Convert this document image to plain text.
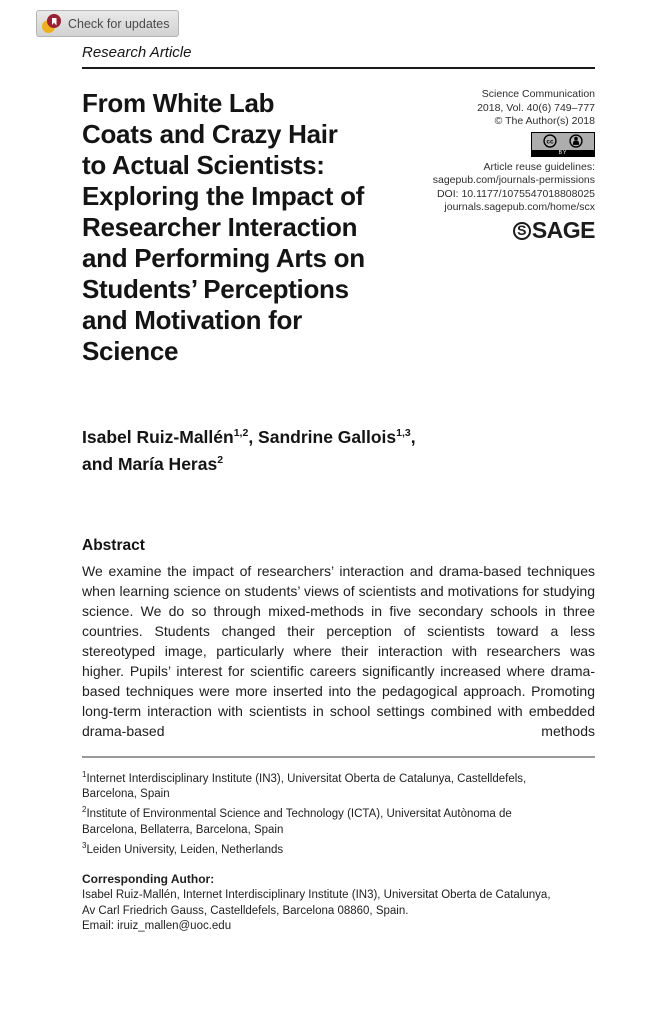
Check for updates
Research Article
From White Lab
Coats and Crazy Hair
to Actual Scientists:
Exploring the Impact of
Researcher Interaction
and Performing Arts on
Students’ Perceptions
and Motivation for
Science
Science Communication
2018, Vol. 40(6) 749–777
© The Author(s) 2018
cc
BY
Article reuse guidelines:
sagepub.com/journals-permissions
DOI: 10.1177/1075547018808025
journals.sagepub.com/home/scx
S SAGE
Isabel Ruiz-Mallén$^{1,2}$, Sandrine Gallois$^{1,3}$,
and María Heras$^2$
Abstract

We examine the impact of researchers’ interaction and drama-based techniques when learning science on students’ views of scientists and motivations for studying science. We do so through mixed-methods in five secondary schools in three countries. Students changed their perception of scientists toward a less stereotyped image, particularly where their interaction with researchers was higher. Pupils’ interest for scientific careers significantly increased where drama-based techniques were more inserted into the pedagogical approach. Promoting long-term interaction with scientists in school settings combined with embedded drama-based methods

$^1$Internet Interdisciplinary Institute (IN3), Universitat Oberta de Catalunya, Castelldefels,
Barcelona, Spain
$^2$Institute of Environmental Science and Technology (ICTA), Universitat Autònoma de
Barcelona, Bellaterra, Barcelona, Spain
$^3$Leiden University, Leiden, Netherlands
Corresponding Author:
Isabel Ruiz-Mallén, Internet Interdisciplinary Institute (IN3), Universitat Oberta de Catalunya,
Av Carl Friedrich Gauss, Castelldefels, Barcelona 08860, Spain.
Email: iruiz_mallen@uoc.edu
